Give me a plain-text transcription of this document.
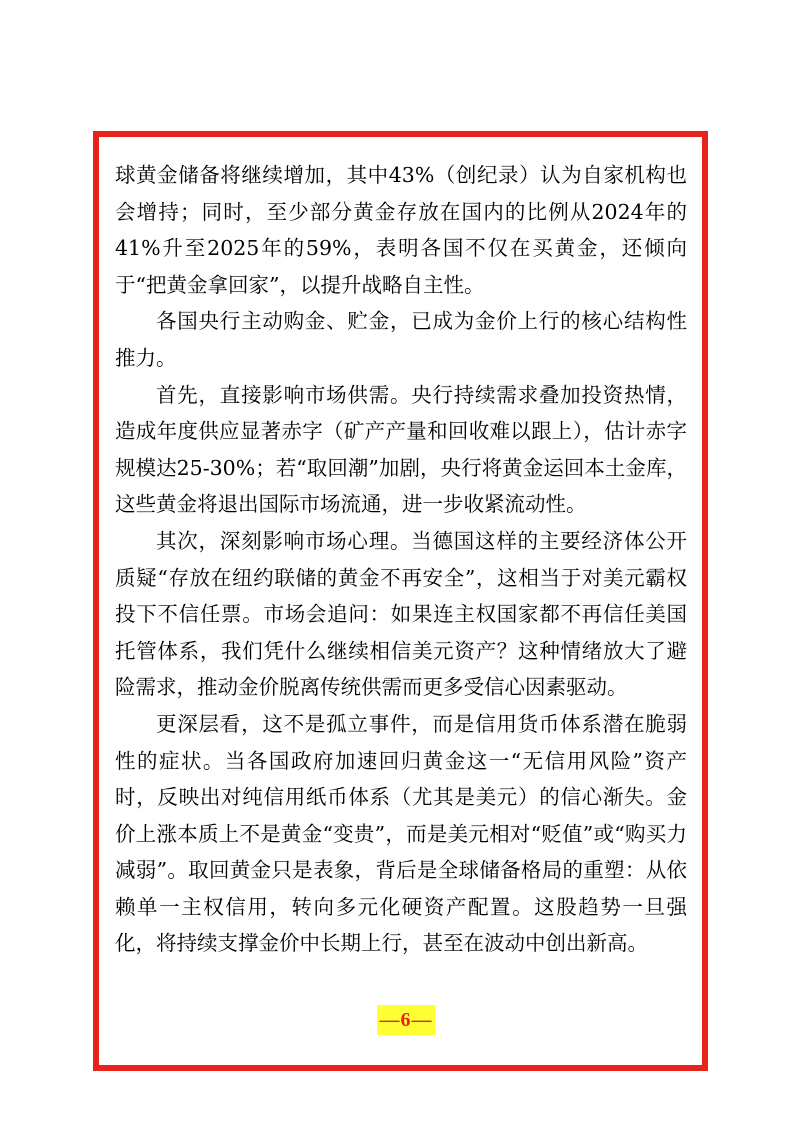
球黄金储备将继续增加，其中43%（创纪录）认为自家机构也会增持；同时，至少部分黄金存放在国内的比例从2024年的41%升至2025年的59%，表明各国不仅在买黄金，还倾向于“把黄金拿回家”，以提升战略自主性。

各国央行主动购金、贮金，已成为金价上行的核心结构性推力。

首先，直接影响市场供需。央行持续需求叠加投资热情，造成年度供应显著赤字（矿产产量和回收难以跟上），估计赤字规模达25-30%；若“取回潮”加剧，央行将黄金运回本土金库，这些黄金将退出国际市场流通，进一步收紧流动性。

其次，深刻影响市场心理。当德国这样的主要经济体公开质疑“存放在纽约联储的黄金不再安全”，这相当于对美元霸权投下不信任票。市场会追问：如果连主权国家都不再信任美国托管体系，我们凭什么继续相信美元资产？这种情绪放大了避险需求，推动金价脱离传统供需而更多受信心因素驱动。

更深层看，这不是孤立事件，而是信用货币体系潜在脆弱性的症状。当各国政府加速回归黄金这一“无信用风险”资产时，反映出对纯信用纸币体系（尤其是美元）的信心渐失。金价上涨本质上不是黄金“变贵”，而是美元相对“贬值”或“购买力减弱”。取回黄金只是表象，背后是全球储备格局的重塑：从依赖单一主权信用，转向多元化硬资产配置。这股趋势一旦强化，将持续支撑金价中长期上行，甚至在波动中创出新高。

—6—
